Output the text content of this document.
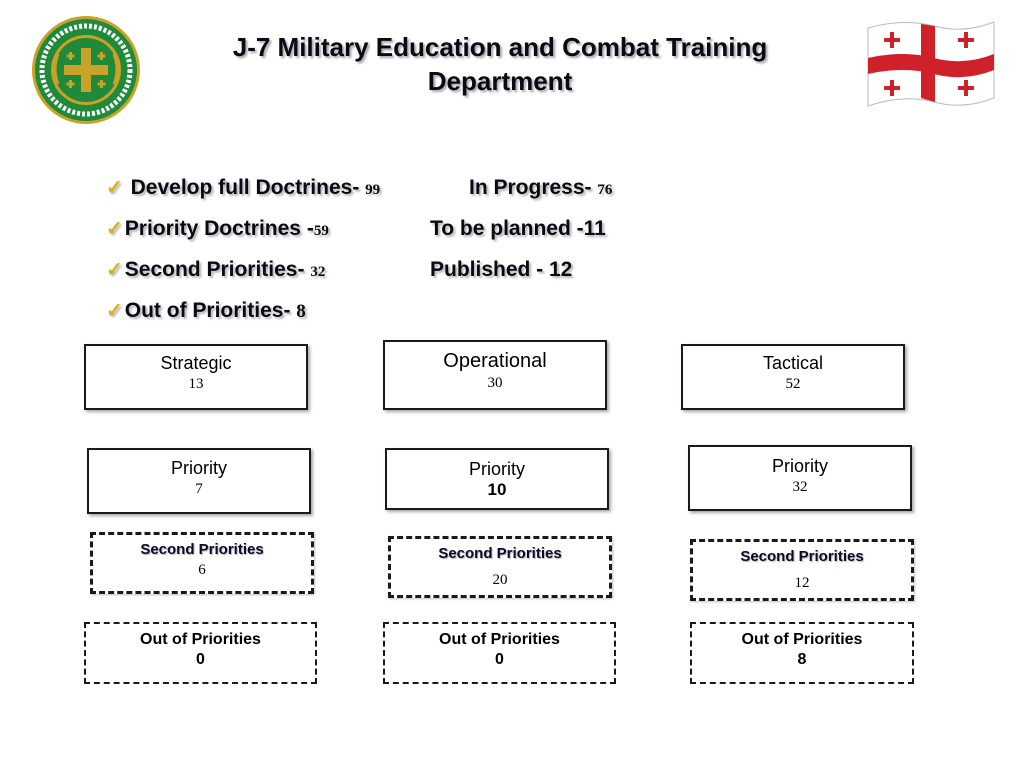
J-7 Military Education and Combat Training Department
✓ Develop full Doctrines- 99
✓Priority Doctrines -59
✓Second Priorities- 32
✓Out of Priorities- 8
In Progress- 76
To be planned -11
Published - 12
Strategic
13
Priority
7
Second Priorities
6
Out of Priorities
0
Operational
30
Priority
10
Second Priorities
20
Out of Priorities
0
Tactical
52
Priority
32
Second Priorities
12
Out of Priorities
8
